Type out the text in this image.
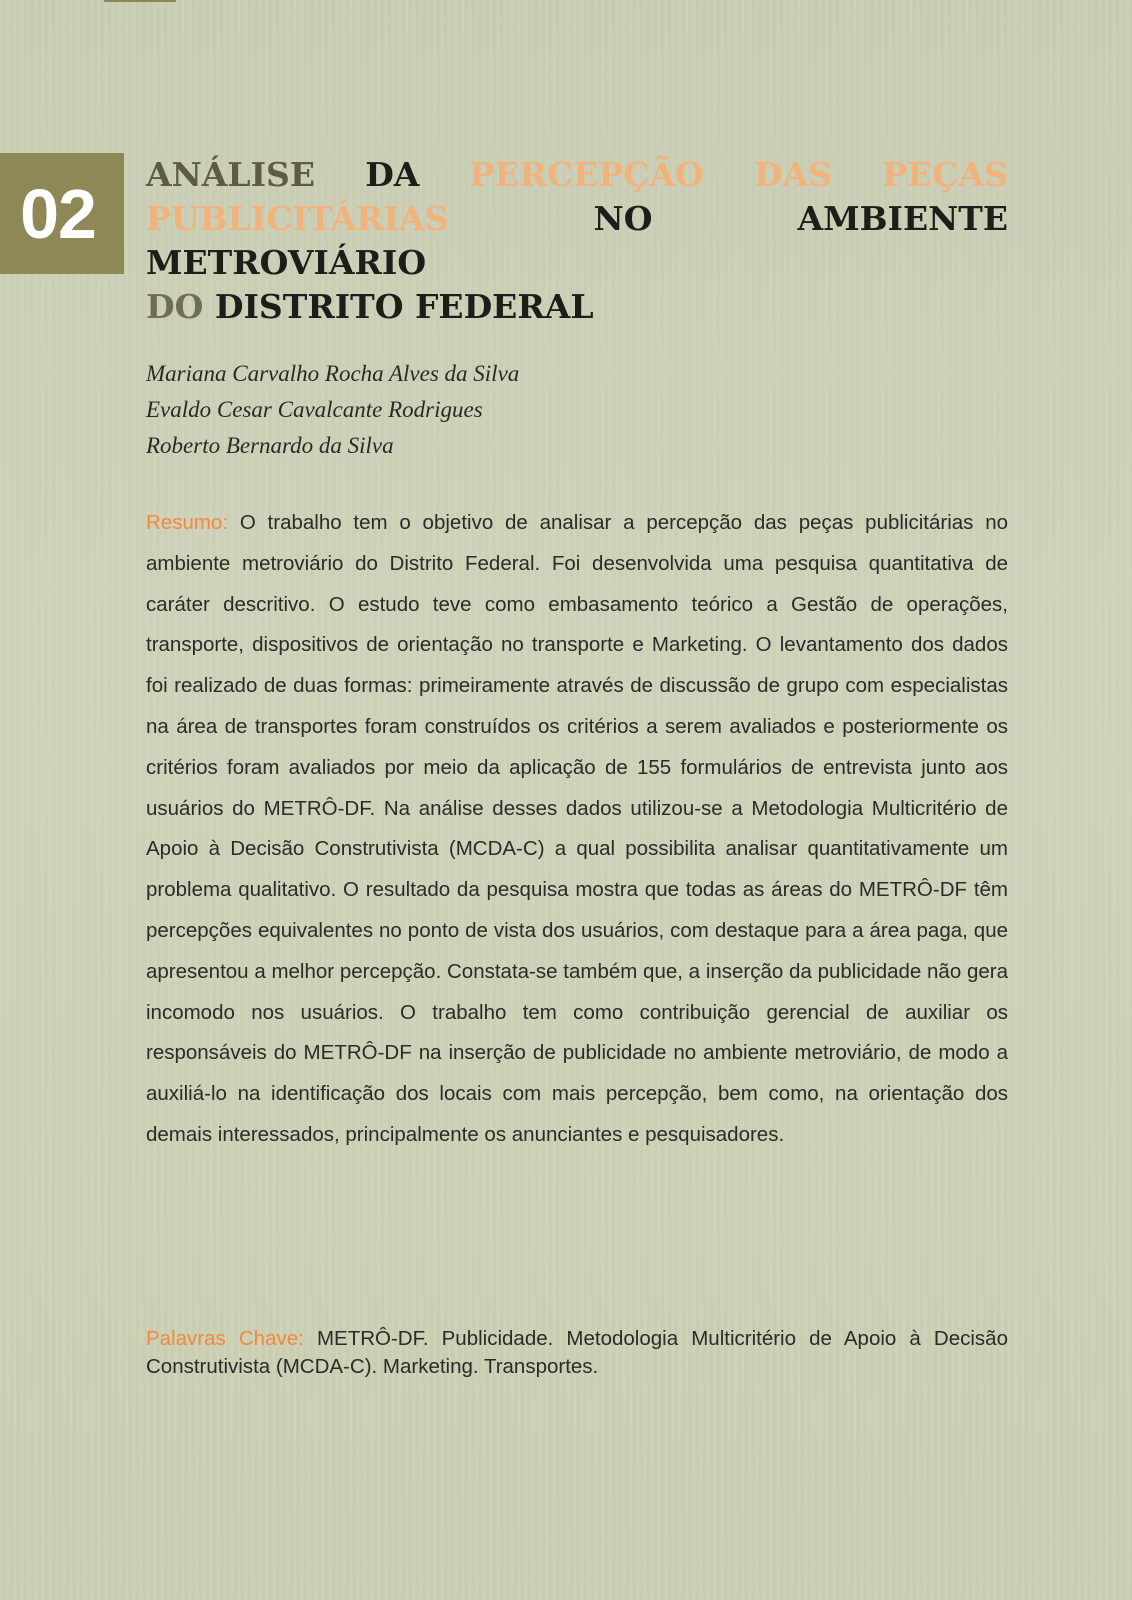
02 ANÁLISE DA PERCEPÇÃO DAS PEÇAS PUBLICITÁRIAS	NO	AMBIENTE METROVIÁRIO
DO DISTRITO FEDERAL
Mariana Carvalho Rocha Alves da Silva
Evaldo Cesar Cavalcante Rodrigues
Roberto Bernardo da Silva

Resumo: O trabalho tem o objetivo de analisar a percepção das peças publicitárias no ambiente metroviário do Distrito Federal. Foi desenvolvida uma pesquisa quantitativa de caráter descritivo. O estudo teve como embasamento teórico a Gestão de operações, transporte, dispositivos de orientação no transporte e Marketing. O levantamento dos dados foi realizado de duas formas: primeiramente através de discussão de grupo com especialistas na área de transportes foram construídos os critérios a serem avaliados e posteriormente os critérios foram avaliados por meio da aplicação de 155 formulários de entrevista junto aos usuários do METRÔ-DF. Na análise desses dados utilizou-se a Metodologia Multicritério de Apoio à Decisão Construtivista (MCDA-C) a qual possibilita analisar quantitativamente um problema qualitativo. O resultado da pesquisa mostra que todas as áreas do METRÔ-DF têm percepções equivalentes no ponto de vista dos usuários, com destaque para a área paga, que apresentou a melhor percepção. Constata-se também que, a inserção da publicidade não gera incomodo nos usuários. O trabalho tem como contribuição gerencial de auxiliar os responsáveis do METRÔ-DF na inserção de publicidade no ambiente metroviário, de modo a auxiliá-lo na identificação dos locais com mais percepção, bem como, na orientação dos demais interessados, principalmente os anunciantes e pesquisadores.

Palavras Chave: METRÔ-DF. Publicidade. Metodologia Multicritério de Apoio à Decisão Construtivista (MCDA-C). Marketing. Transportes.
